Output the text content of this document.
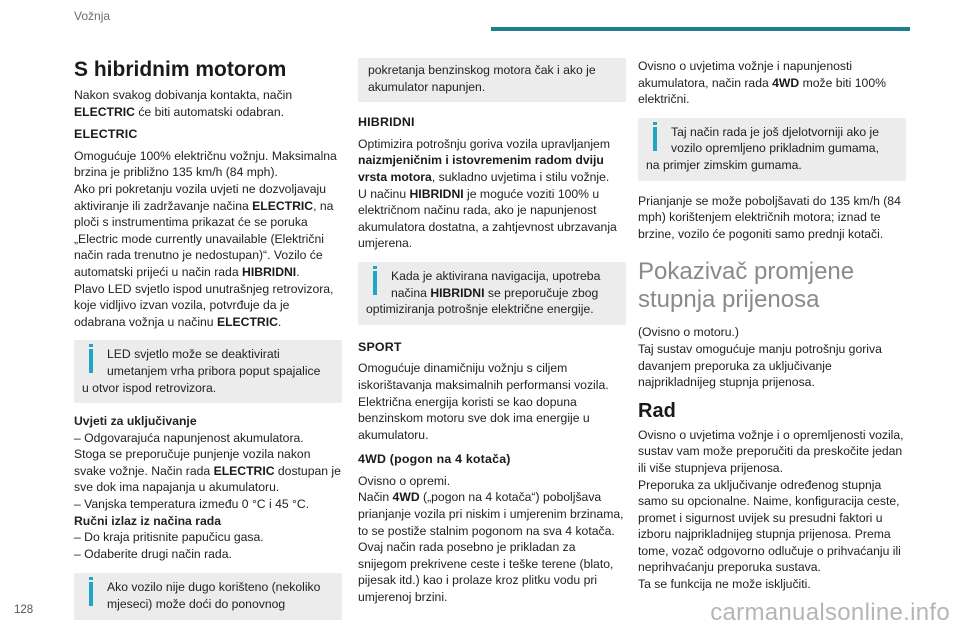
Vožnja
S hibridnim motorom

Nakon svakog dobivanja kontakta, način ELECTRIC će biti automatski odabran.

ELECTRIC

Omogućuje 100% električnu vožnju. Maksimalna brzina je približno 135 km/h (84 mph).

Ako pri pokretanju vozila uvjeti ne dozvoljavaju aktiviranje ili zadržavanje načina ELECTRIC, na ploči s instrumentima prikazat će se poruka „Electric mode currently unavailable (Električni način rada trenutno je nedostupan)“. Vozilo će automatski prijeći u način rada HIBRIDNI.

Plavo LED svjetlo ispod unutrašnjeg retrovizora, koje vidljivo izvan vozila, potvrđuje da je odabrana vožnja u načinu ELECTRIC.

LED svjetlo može se deaktivirati umetanjem vrha pribora poput spajalice
u otvor ispod retrovizora.

Uvjeti za uključivanje

– Odgovarajuća napunjenost akumulatora.

Stoga se preporučuje punjenje vozila nakon svake vožnje. Način rada ELECTRIC dostupan je sve dok ima napajanja u akumulatoru.

– Vanjska temperatura između 0 °C i 45 °C.

Ručni izlaz iz načina rada

– Do kraja pritisnite papučicu gasa.

– Odaberite drugi način rada.

Ako vozilo nije dugo korišteno (nekoliko mjeseci) može doći do ponovnog
pokretanja benzinskog motora čak i ako je akumulator napunjen.
HIBRIDNI

Optimizira potrošnju goriva vozila upravljanjem naizmjeničnim i istovremenim radom dviju vrsta motora, sukladno uvjetima i stilu vožnje.

U načinu HIBRIDNI je moguće voziti 100% u električnom načinu rada, ako je napunjenost akumulatora dostatna, a zahtjevnost ubrzavanja umjerena.

Kada je aktivirana navigacija, upotreba načina HIBRIDNI se preporučuje zbog
optimiziranja potrošnje električne energije.
SPORT

Omogućuje dinamičniju vožnju s ciljem iskorištavanja maksimalnih performansi vozila. Električna energija koristi se kao dopuna benzinskom motoru sve dok ima energije u akumulatoru.

4WD (pogon na 4 kotača)

Ovisno o opremi.

Način 4WD („pogon na 4 kotača“) poboljšava prianjanje vozila pri niskim i umjerenim brzinama, to se postiže stalnim pogonom na sva 4 kotača.

Ovaj način rada posebno je prikladan za snijegom prekrivene ceste i teške terene (blato, pijesak itd.) kao i prolaze kroz plitku vodu pri umjerenoj brzini.

Ovisno o uvjetima vožnje i napunjenosti akumulatora, način rada 4WD može biti 100% električni.

Taj način rada je još djelotvorniji ako je vozilo opremljeno prikladnim gumama,
na primjer zimskim gumama.

Prianjanje se može poboljšavati do 135 km/h (84 mph) korištenjem električnih motora; iznad te brzine, vozilo će pogoniti samo prednji kotači.

Pokazivač promjene stupnja prijenosa

(Ovisno o motoru.)

Taj sustav omogućuje manju potrošnju goriva davanjem preporuka za uključivanje najprikladnijeg stupnja prijenosa.

Rad

Ovisno o uvjetima vožnje i o opremljenosti vozila, sustav vam može preporučiti da preskočite jedan ili više stupnjeva prijenosa.

Preporuka za uključivanje određenog stupnja samo su opcionalne. Naime, konfiguracija ceste, promet i sigurnost uvijek su presudni faktori u izboru najprikladnijeg stupnja prijenosa. Prema tome, vozač odgovorno odlučuje o prihvaćanju ili neprihvaćanju preporuka sustava.

Ta se funkcija ne može isključiti.

128	carmanualsonline.info
